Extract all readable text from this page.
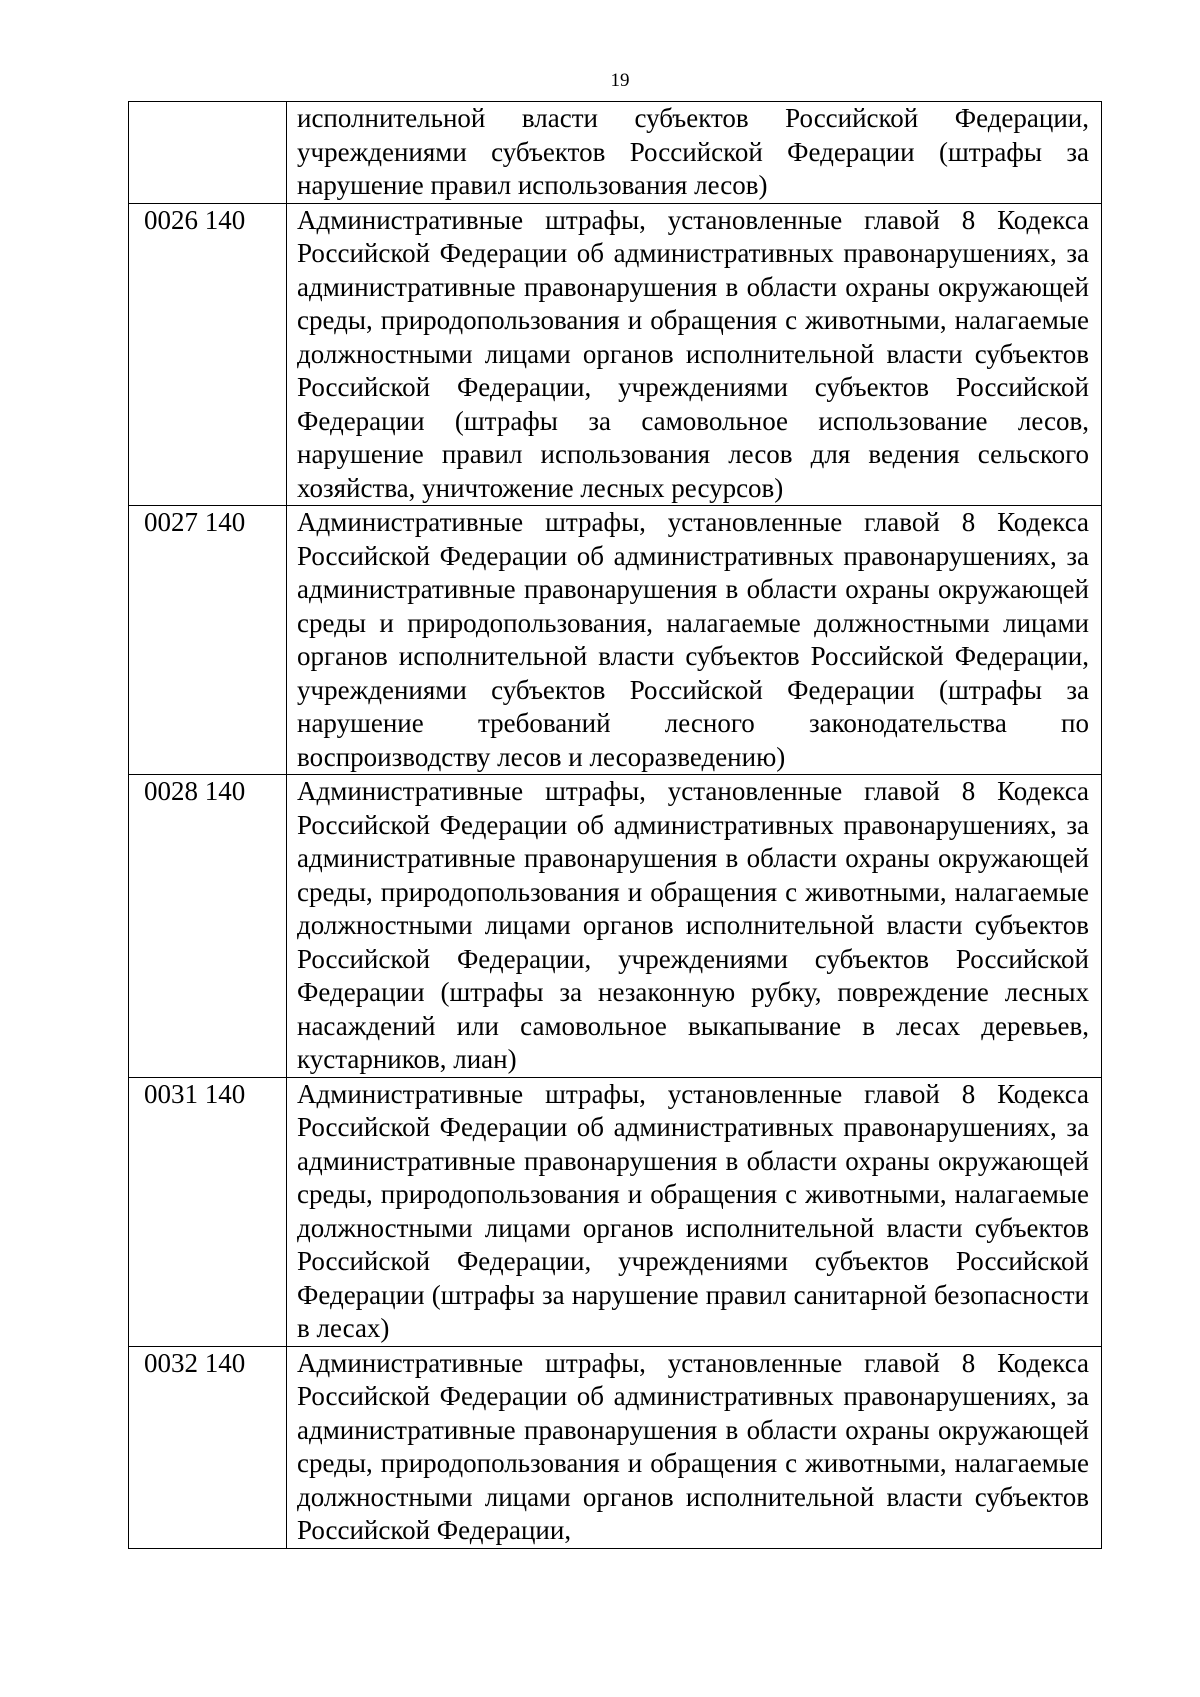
19
	исполнительной власти субъектов Российской Федерации, учреждениями субъектов Российской Федерации (штрафы за нарушение правил использования лесов)
0026 140	Административные штрафы, установленные главой 8 Кодекса Российской Федерации об административных правонарушениях, за административные правонарушения в области охраны окружающей среды, природопользования и обращения с животными, налагаемые должностными лицами органов исполнительной власти субъектов Российской Федерации, учреждениями субъектов Российской Федерации (штрафы за самовольное использование лесов, нарушение правил использования лесов для ведения сельского хозяйства, уничтожение лесных ресурсов)
0027 140	Административные штрафы, установленные главой 8 Кодекса Российской Федерации об административных правонарушениях, за административные правонарушения в области охраны окружающей среды и природопользования, налагаемые должностными лицами органов исполнительной власти субъектов Российской Федерации, учреждениями субъектов Российской Федерации (штрафы за нарушение требований лесного законодательства по воспроизводству лесов и лесоразведению)
0028 140	Административные штрафы, установленные главой 8 Кодекса Российской Федерации об административных правонарушениях, за административные правонарушения в области охраны окружающей среды, природопользования и обращения с животными, налагаемые должностными лицами органов исполнительной власти субъектов Российской Федерации, учреждениями субъектов Российской Федерации (штрафы за незаконную рубку, повреждение лесных насаждений или самовольное выкапывание в лесах деревьев, кустарников, лиан)
0031 140	Административные штрафы, установленные главой 8 Кодекса Российской Федерации об административных правонарушениях, за административные правонарушения в области охраны окружающей среды, природопользования и обращения с животными, налагаемые должностными лицами органов исполнительной власти субъектов Российской Федерации, учреждениями субъектов Российской Федерации (штрафы за нарушение правил санитарной безопасности в лесах)
0032 140	Административные штрафы, установленные главой 8 Кодекса Российской Федерации об административных правонарушениях, за административные правонарушения в области охраны окружающей среды, природопользования и обращения с животными, налагаемые должностными лицами органов исполнительной власти субъектов Российской Федерации,
